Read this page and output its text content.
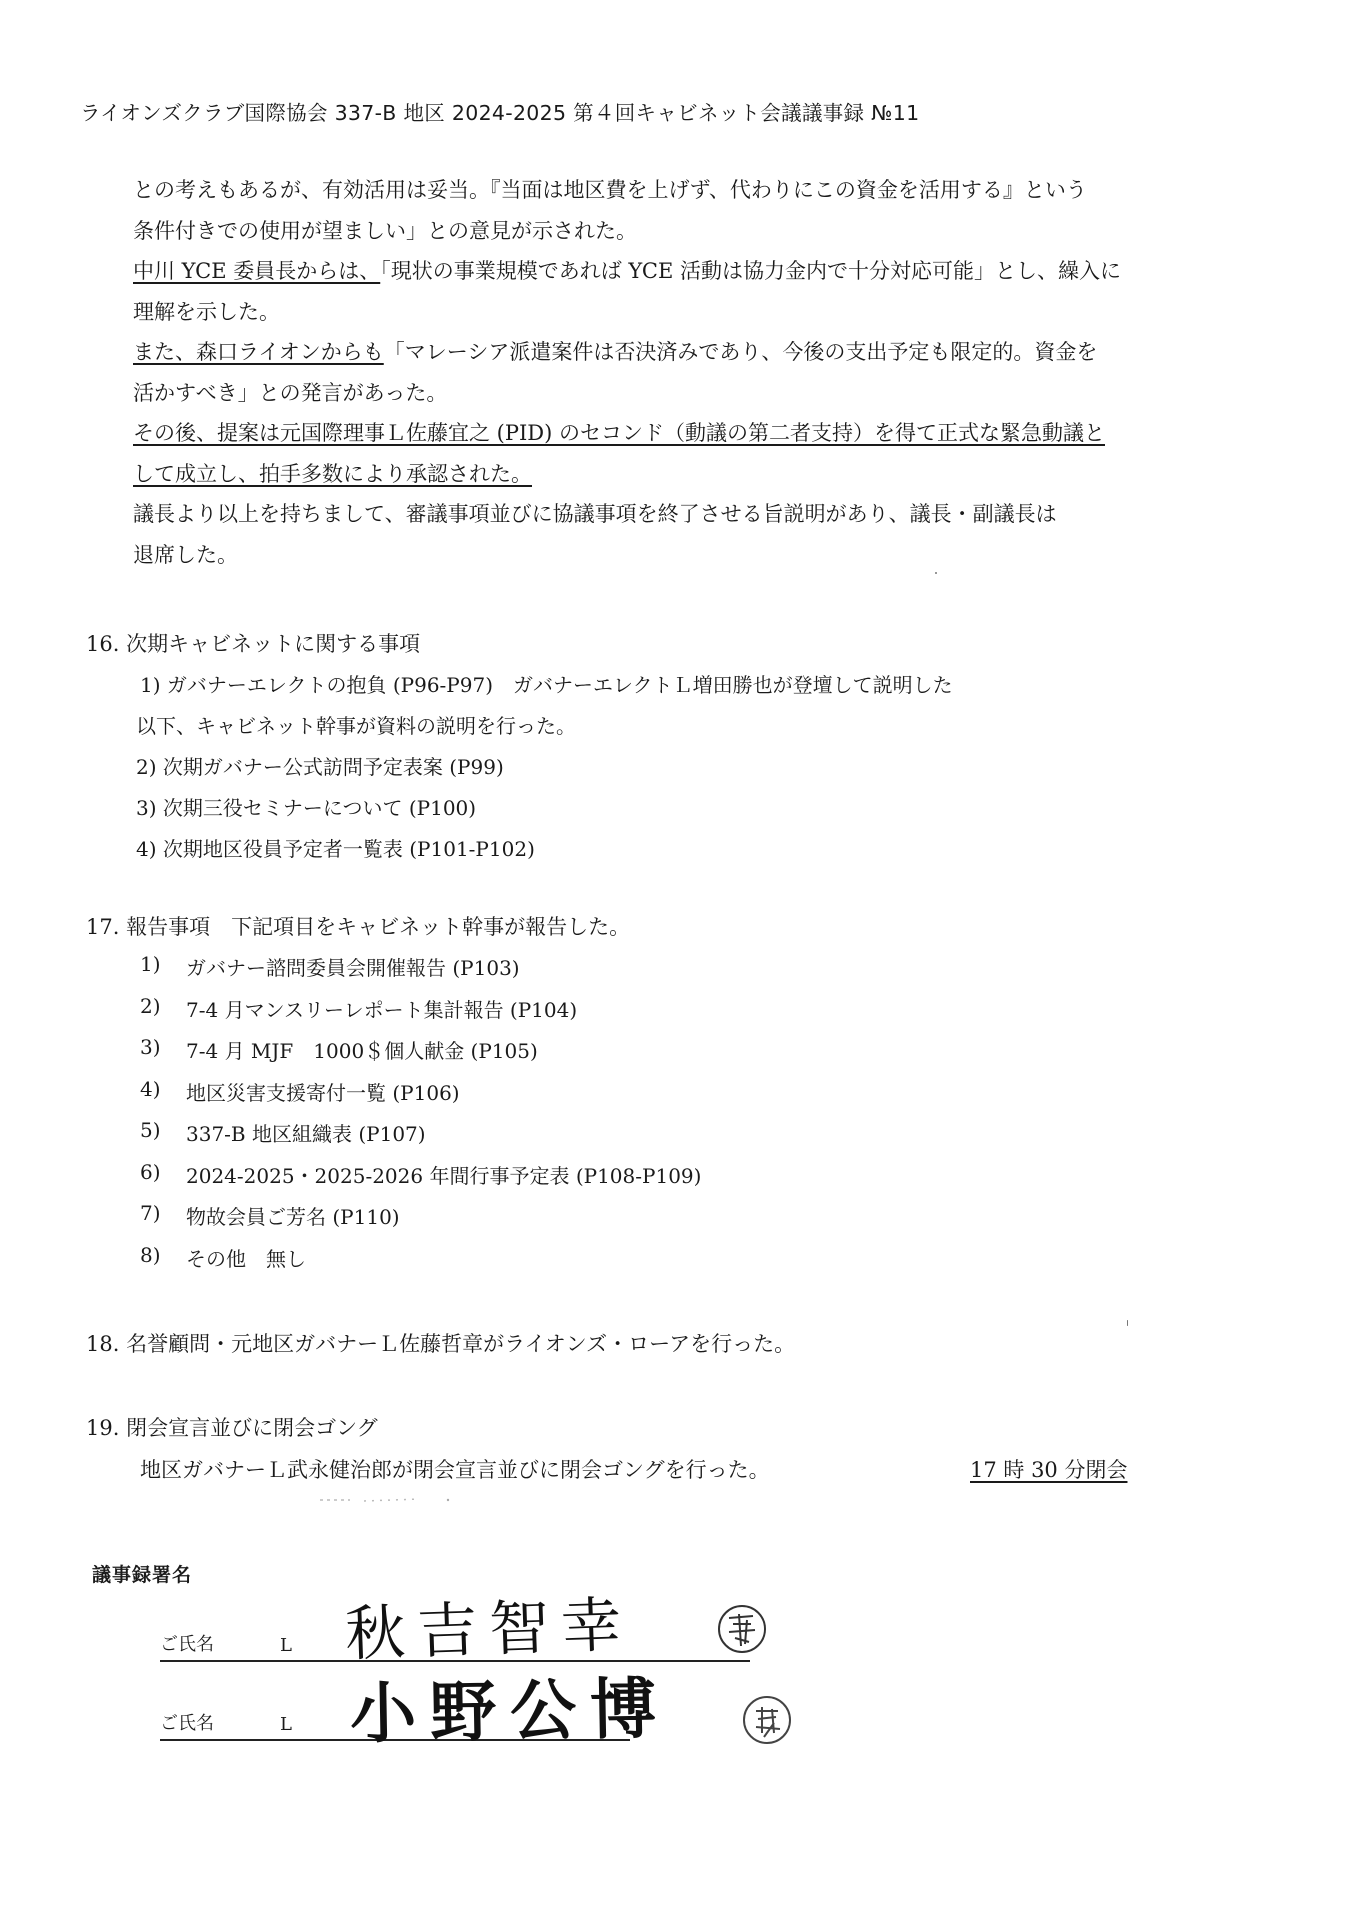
ライオンズクラブ国際協会 337-B 地区 2024-2025 第４回キャビネット会議議事録 №11

との考えもあるが、有効活用は妥当。『当面は地区費を上げず、代わりにこの資金を活用する』という

条件付きでの使用が望ましい」との意見が示された。

中川 YCE 委員長からは、「現状の事業規模であれば YCE 活動は協力金内で十分対応可能」とし、繰入に

理解を示した。

また、森口ライオンからも「マレーシア派遣案件は否決済みであり、今後の支出予定も限定的。資金を

活かすべき」との発言があった。

その後、提案は元国際理事Ｌ佐藤宜之 (PID) のセコンド（動議の第二者支持）を得て正式な緊急動議と

して成立し、拍手多数により承認された。

議長より以上を持ちまして、審議事項並びに協議事項を終了させる旨説明があり、議長・副議長は

退席した。

16. 次期キャビネットに関する事項
1) ガバナーエレクトの抱負 (P96-P97)　ガバナーエレクトＬ増田勝也が登壇して説明した
以下、キャビネット幹事が資料の説明を行った。
2) 次期ガバナー公式訪問予定表案 (P99)
3) 次期三役セミナーについて (P100)
4) 次期地区役員予定者一覧表 (P101-P102)
17. 報告事項　下記項目をキャビネット幹事が報告した。
1) ガバナー諮問委員会開催報告 (P103)
2) 7-4 月マンスリーレポート集計報告 (P104)
3) 7-4 月 MJF　1000＄個人献金 (P105)
4) 地区災害支援寄付一覧 (P106)
5) 337-B 地区組織表 (P107)
6) 2024-2025・2025-2026 年間行事予定表 (P108-P109)
7) 物故会員ご芳名 (P110)
8) その他　無し
18. 名誉顧問・元地区ガバナーＬ佐藤哲章がライオンズ・ローアを行った。
19. 閉会宣言並びに閉会ゴング
地区ガバナーＬ武永健治郎が閉会宣言並びに閉会ゴングを行った。	17 時 30 分閉会
議事録署名
ご氏名	L 秋吉智幸
ご氏名	L 小野公博
